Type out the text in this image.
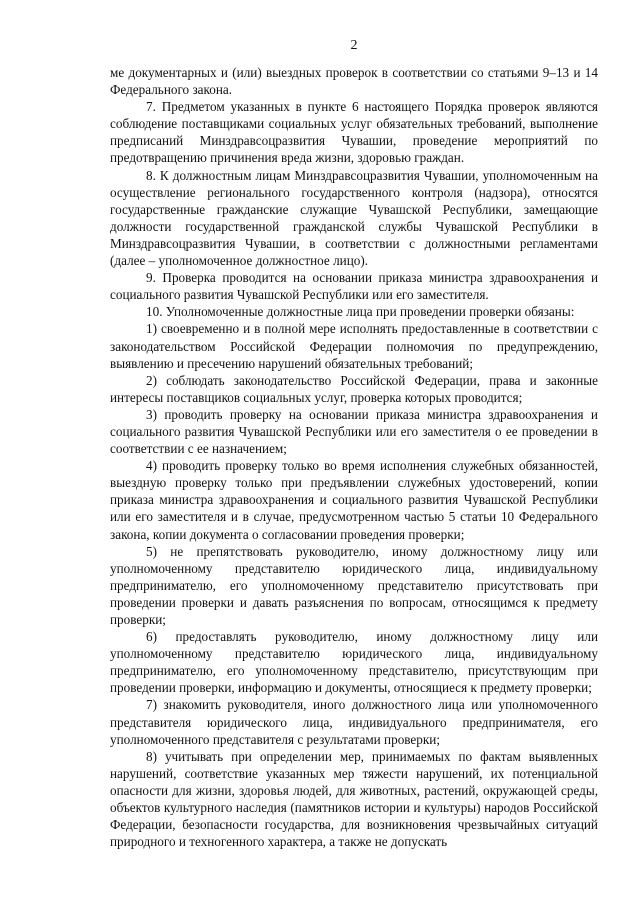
2

ме документарных и (или) выездных проверок в соответствии со статьями 9–13 и 14 Федерального закона.

7. Предметом указанных в пункте 6 настоящего Порядка проверок являются соблюдение поставщиками социальных услуг обязательных требований, выполнение предписаний Минздравсоцразвития Чувашии, проведение мероприятий по предотвращению причинения вреда жизни, здоровью граждан.

8. К должностным лицам Минздравсоцразвития Чувашии, уполномоченным на осуществление регионального государственного контроля (надзора), относятся государственные гражданские служащие Чувашской Республики, замещающие должности государственной гражданской службы Чувашской Республики в Минздравсоцразвития Чувашии, в соответствии с должностными регламентами (далее – уполномоченное должностное лицо).

9. Проверка проводится на основании приказа министра здравоохранения и социального развития Чувашской Республики или его заместителя.

10. Уполномоченные должностные лица при проведении проверки обязаны:

1) своевременно и в полной мере исполнять предоставленные в соответствии с законодательством Российской Федерации полномочия по предупреждению, выявлению и пресечению нарушений обязательных требований;

2) соблюдать законодательство Российской Федерации, права и законные интересы поставщиков социальных услуг, проверка которых проводится;

3) проводить проверку на основании приказа министра здравоохранения и социального развития Чувашской Республики или его заместителя о ее проведении в соответствии с ее назначением;

4) проводить проверку только во время исполнения служебных обязанностей, выездную проверку только при предъявлении служебных удостоверений, копии приказа министра здравоохранения и социального развития Чувашской Республики или его заместителя и в случае, предусмотренном частью 5 статьи 10 Федерального закона, копии документа о согласовании проведения проверки;

5) не препятствовать руководителю, иному должностному лицу или уполномоченному представителю юридического лица, индивидуальному предпринимателю, его уполномоченному представителю присутствовать при проведении проверки и давать разъяснения по вопросам, относящимся к предмету проверки;

6) предоставлять руководителю, иному должностному лицу или уполномоченному представителю юридического лица, индивидуальному предпринимателю, его уполномоченному представителю, присутствующим при проведении проверки, информацию и документы, относящиеся к предмету проверки;

7) знакомить руководителя, иного должностного лица или уполномоченного представителя юридического лица, индивидуального предпринимателя, его уполномоченного представителя с результатами проверки;

8) учитывать при определении мер, принимаемых по фактам выявленных нарушений, соответствие указанных мер тяжести нарушений, их потенциальной опасности для жизни, здоровья людей, для животных, растений, окружающей среды, объектов культурного наследия (памятников истории и культуры) народов Российской Федерации, безопасности государства, для возникновения чрезвычайных ситуаций природного и техногенного характера, а также не допускать
